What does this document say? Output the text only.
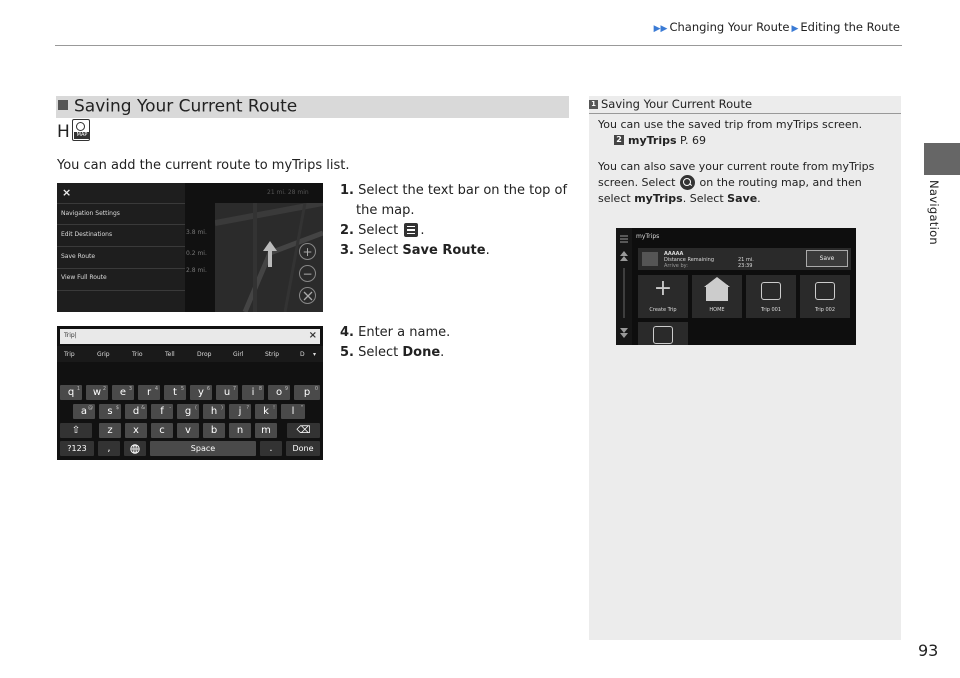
▶▶ Changing Your Route ▶ Editing the Route
Navigation
93
Saving Your Current Route
H	MAP
You can add the current route to myTrips list.
21 mi. 28 min
×
Navigation Settings
Edit Destinations
Save Route
View Full Route
3.8 mi.
0.2 mi.
2.8 mi.
+
−
1. Select the text bar on the top of
the map.
2. Select .
3. Select Save Route.
Trip|	×
Trip	Grip	Trio	Tell	Drop	Girl	Strip	D ▾
q 1	w 2	e 3	r 4	t 5	y 6	u 7	i 8	o 9	p 0
a @	s $	d &	f -	g (	h )	j ?	k !	l "
⇧	z	x	c	v	b	n	m	⌫
?123	,	Space	.	Done
4. Enter a name.
5. Select Done.
1 Saving Your Current Route
You can use the saved trip from myTrips screen.
2 myTrips P. 69
You can also save your current route from myTrips
screen. Select on the routing map, and then
select myTrips. Select Save.
myTrips
AAAAA
Distance Remaining
Arrive by:
21 mi.
23:39
Save
+
Create Trip	HOME	Trip 001	Trip 002
